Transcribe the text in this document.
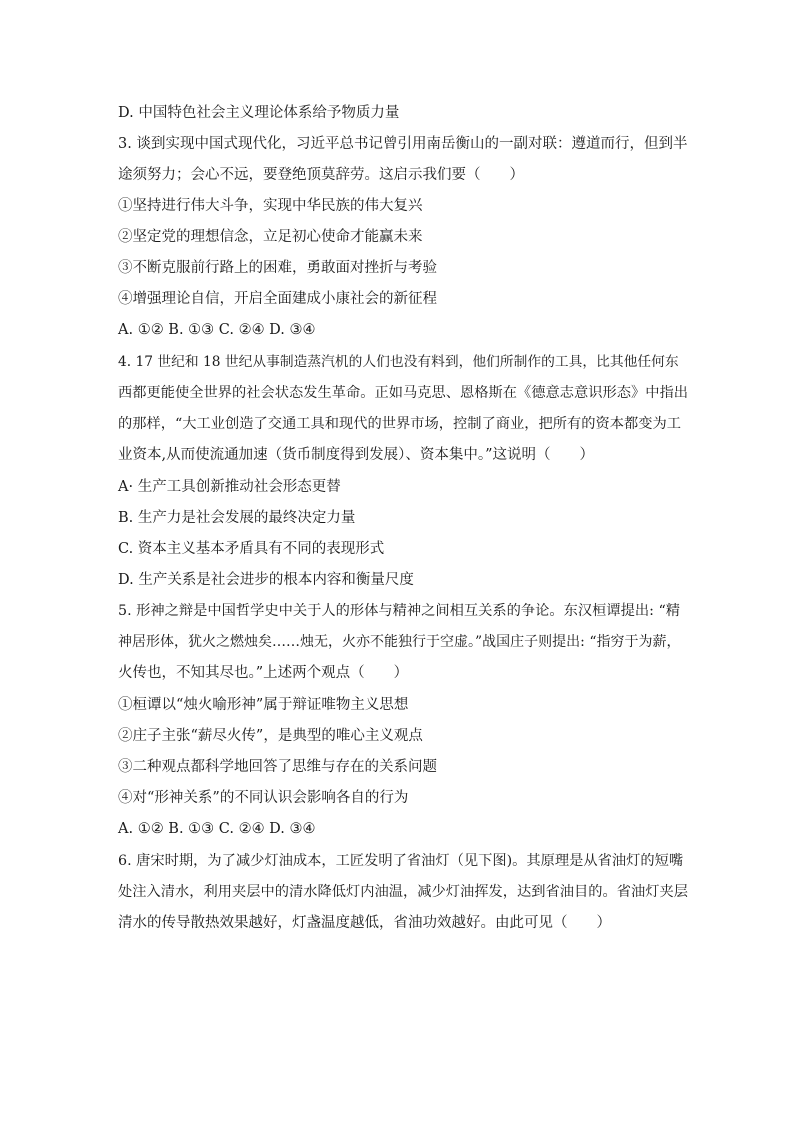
D. 中国特色社会主义理论体系给予物质力量
3. 谈到实现中国式现代化，习近平总书记曾引用南岳衡山的一副对联：遵道而行，但到半
途须努力；会心不远，要登绝顶莫辞劳。这启示我们要（　　）
①坚持进行伟大斗争，实现中华民族的伟大复兴
②坚定党的理想信念，立足初心使命才能赢未来
③不断克服前行路上的困难，勇敢面对挫折与考验
④增强理论自信，开启全面建成小康社会的新征程
A. ①② B. ①③ C. ②④ D. ③④
4. 17 世纪和 18 世纪从事制造蒸汽机的人们也没有料到，他们所制作的工具，比其他任何东
西都更能使全世界的社会状态发生革命。正如马克思、恩格斯在《德意志意识形态》中指出
的那样，“大工业创造了交通工具和现代的世界市场，控制了商业，把所有的资本都变为工
业资本,从而使流通加速（货币制度得到发展）、资本集中。”这说明（　　）
A· 生产工具创新推动社会形态更替
B. 生产力是社会发展的最终决定力量
C. 资本主义基本矛盾具有不同的表现形式
D. 生产关系是社会进步的根本内容和衡量尺度
5. 形神之辩是中国哲学史中关于人的形体与精神之间相互关系的争论。东汉桓谭提出: “精
神居形体，犹火之燃烛矣……烛无，火亦不能独行于空虚。”战国庄子则提出: “指穷于为薪，
火传也，不知其尽也。”上述两个观点（　　）
①桓谭以“烛火喻形神”属于辩证唯物主义思想
②庄子主张“薪尽火传”，是典型的唯心主义观点
③二种观点都科学地回答了思维与存在的关系问题
④对“形神关系”的不同认识会影响各自的行为
A. ①② B. ①③ C. ②④ D. ③④
6. 唐宋时期，为了减少灯油成本，工匠发明了省油灯（见下图)。其原理是从省油灯的短嘴
处注入清水，利用夹层中的清水降低灯内油温，减少灯油挥发，达到省油目的。省油灯夹层
清水的传导散热效果越好，灯盏温度越低，省油功效越好。由此可见（　　）
